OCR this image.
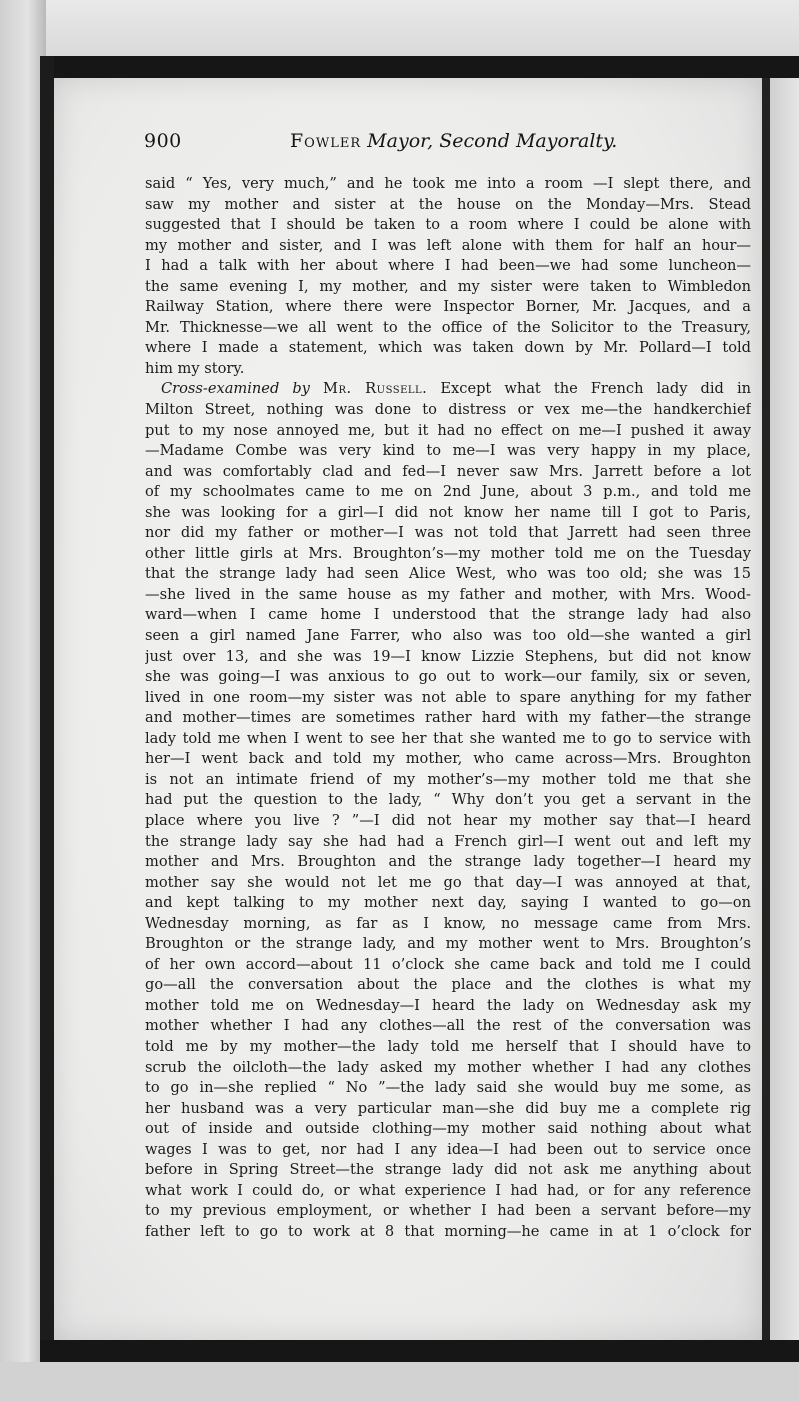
900	Fowler Mayor, Second Mayoralty.
said “ Yes, very much,” and he took me into a room —I slept there, and
saw my mother and sister at the house on the Monday—Mrs. Stead
suggested that I should be taken to a room where I could be alone with
my mother and sister, and I was left alone with them for half an hour—
I had a talk with her about where I had been—we had some luncheon—
the same evening I, my mother, and my sister were taken to Wimbledon
Railway Station, where there were Inspector Borner, Mr. Jacques, and a
Mr. Thicknesse—we all went to the office of the Solicitor to the Treasury,
where I made a statement, which was taken down by Mr. Pollard—I told
him my story.
Cross-examined by Mr. Russell. Except what the French lady did in
Milton Street, nothing was done to distress or vex me—the handkerchief
put to my nose annoyed me, but it had no effect on me—I pushed it away
—Madame Combe was very kind to me—I was very happy in my place,
and was comfortably clad and fed—I never saw Mrs. Jarrett before a lot
of my schoolmates came to me on 2nd June, about 3 p.m., and told me
she was looking for a girl—I did not know her name till I got to Paris,
nor did my father or mother—I was not told that Jarrett had seen three
other little girls at Mrs. Broughton’s—my mother told me on the Tuesday
that the strange lady had seen Alice West, who was too old; she was 15
—she lived in the same house as my father and mother, with Mrs. Wood-
ward—when I came home I understood that the strange lady had also
seen a girl named Jane Farrer, who also was too old—she wanted a girl
just over 13, and she was 19—I know Lizzie Stephens, but did not know
she was going—I was anxious to go out to work—our family, six or seven,
lived in one room—my sister was not able to spare anything for my father
and mother—times are sometimes rather hard with my father—the strange
lady told me when I went to see her that she wanted me to go to service with
her—I went back and told my mother, who came across—Mrs. Broughton
is not an intimate friend of my mother’s—my mother told me that she
had put the question to the lady, “ Why don’t you get a servant in the
place where you live ? ”—I did not hear my mother say that—I heard
the strange lady say she had had a French girl—I went out and left my
mother and Mrs. Broughton and the strange lady together—I heard my
mother say she would not let me go that day—I was annoyed at that,
and kept talking to my mother next day, saying I wanted to go—on
Wednesday morning, as far as I know, no message came from Mrs.
Broughton or the strange lady, and my mother went to Mrs. Broughton’s
of her own accord—about 11 o’clock she came back and told me I could
go—all the conversation about the place and the clothes is what my
mother told me on Wednesday—I heard the lady on Wednesday ask my
mother whether I had any clothes—all the rest of the conversation was
told me by my mother—the lady told me herself that I should have to
scrub the oilcloth—the lady asked my mother whether I had any clothes
to go in—she replied “ No ”—the lady said she would buy me some, as
her husband was a very particular man—she did buy me a complete rig
out of inside and outside clothing—my mother said nothing about what
wages I was to get, nor had I any idea—I had been out to service once
before in Spring Street—the strange lady did not ask me anything about
what work I could do, or what experience I had had, or for any reference
to my previous employment, or whether I had been a servant before—my
father left to go to work at 8 that morning—he came in at 1 o’clock for
